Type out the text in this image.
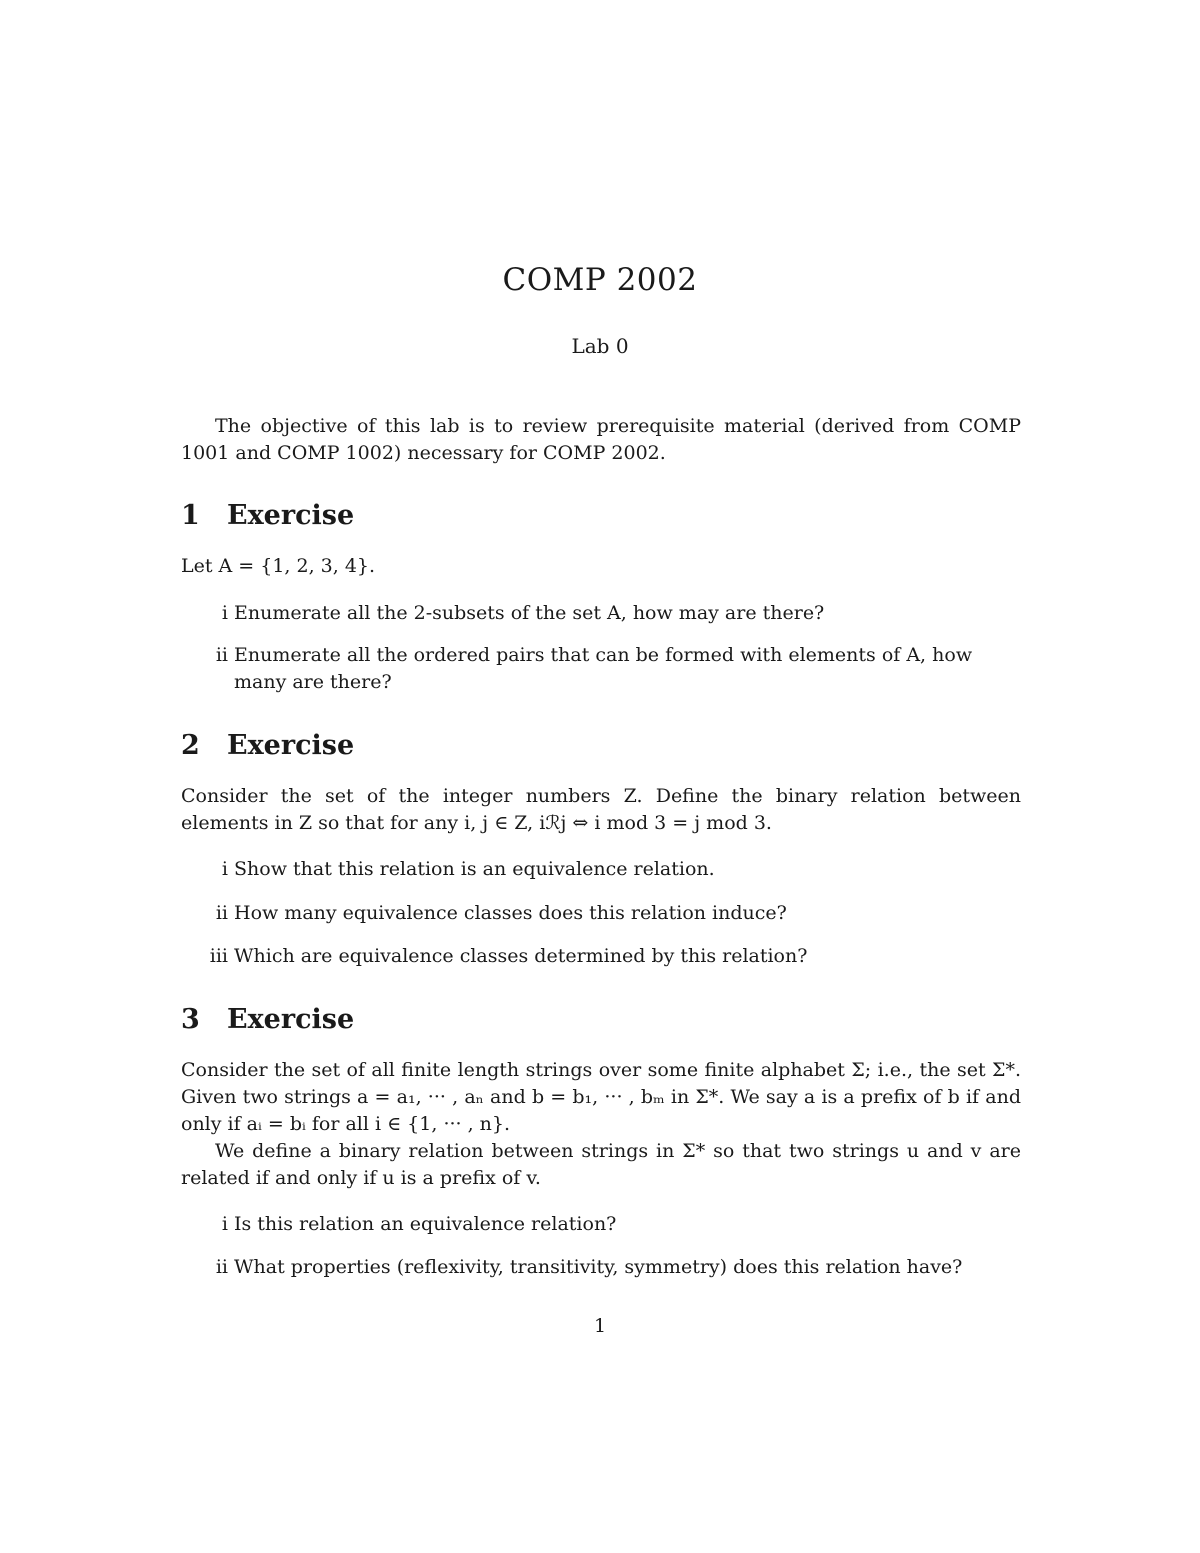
COMP 2002

Lab 0

The objective of this lab is to review prerequisite material (derived from COMP 1001 and COMP 1002) necessary for COMP 2002.

1 Exercise

Let A = {1, 2, 3, 4}.

i Enumerate all the 2-subsets of the set A, how may are there?
ii Enumerate all the ordered pairs that can be formed with elements of A, how many are there?
2 Exercise

Consider the set of the integer numbers Z. Define the binary relation between elements in Z so that for any i, j ∈ Z, iℛj ⇔ i mod 3 = j mod 3.

i Show that this relation is an equivalence relation.
ii How many equivalence classes does this relation induce?
iii Which are equivalence classes determined by this relation?
3 Exercise

Consider the set of all finite length strings over some finite alphabet Σ; i.e., the set Σ*. Given two strings a = a₁, ··· , aₙ and b = b₁, ··· , bₘ in Σ*. We say a is a prefix of b if and only if aᵢ = bᵢ for all i ∈ {1, ··· , n}.

We define a binary relation between strings in Σ* so that two strings u and v are related if and only if u is a prefix of v.

i Is this relation an equivalence relation?
ii What properties (reflexivity, transitivity, symmetry) does this relation have?

1
